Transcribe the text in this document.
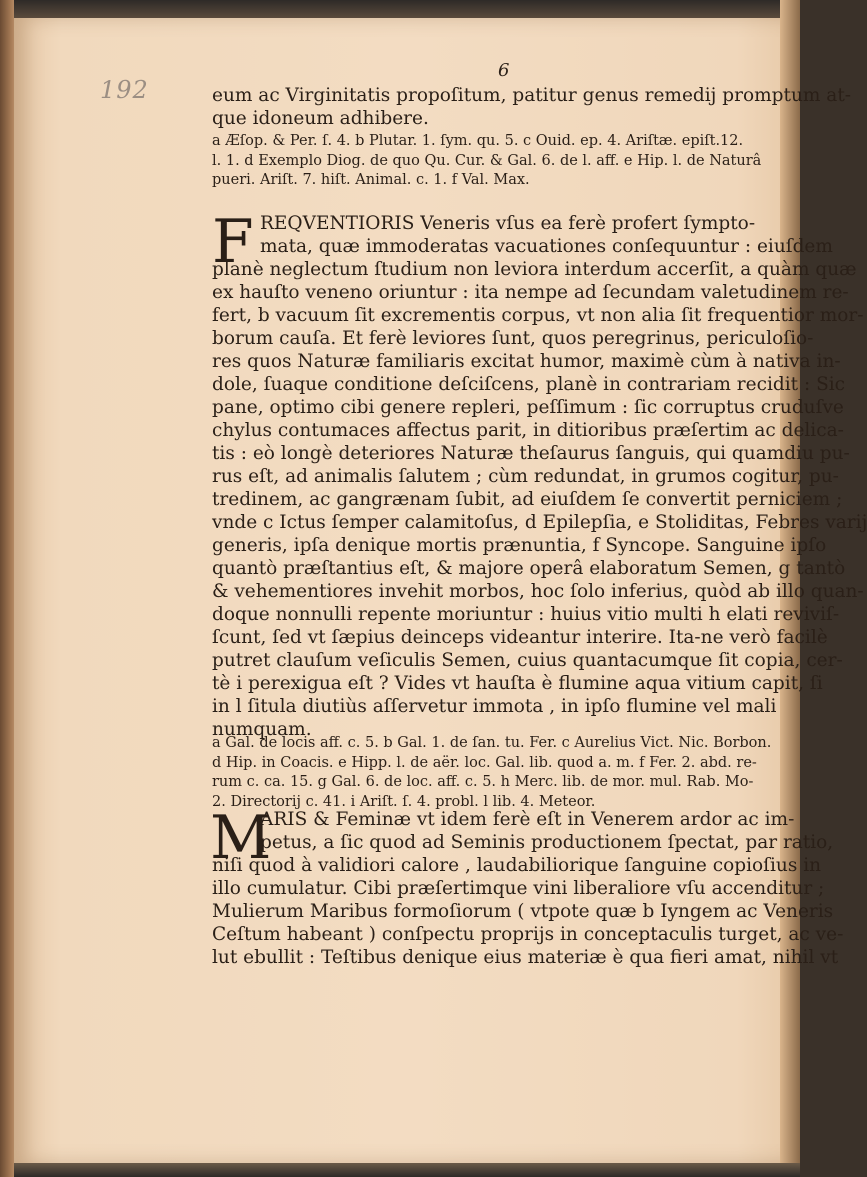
192
6
eum ac Virginitatis propoſitum, patitur genus remedij promptum at-
que idoneum adhibere.
a Æſop. & Per. ſ. 4. b Plutar. 1. ſym. qu. 5. c Ouid. ep. 4. Ariſtæ. epiſt.12.
l. 1. d Exemplo Diog. de quo Qu. Cur. & Gal. 6. de l. aff. e Hip. l. de Naturâ
pueri. Ariſt. 7. hiſt. Animal. c. 1. f Val. Max.
F REQVENTIORIS Veneris vſus ea ferè profert ſympto-
mata, quæ immoderatas vacuationes conſequuntur : eiuſdem
planè neglectum ſtudium non leviora interdum accerſit, a quàm quæ
ex hauſto veneno oriuntur : ita nempe ad ſecundam valetudinem re-
fert, b vacuum ſit excrementis corpus, vt non alia ſit frequentior mor-
borum cauſa. Et ferè leviores ſunt, quos peregrinus, periculoſio-
res quos Naturæ familiaris excitat humor, maximè cùm à nativa in-
dole, ſuaque conditione deſciſcens, planè in contrariam recidit : Sic
pane, optimo cibi genere repleri, peſſimum : ſic corruptus cruduſve
chylus contumaces affectus parit, in ditioribus præſertim ac delica-
tis : eò longè deteriores Naturæ theſaurus ſanguis, qui quamdiu pu-
rus eſt, ad animalis ſalutem ; cùm redundat, in grumos cogitur, pu-
tredinem, ac gangrænam ſubit, ad eiuſdem ſe convertit perniciem ;
vnde c Ictus ſemper calamitoſus, d Epilepſia, e Stoliditas, Febres varij
generis, ipſa denique mortis prænuntia, f Syncope. Sanguine ipſo
quantò præſtantius eſt, & majore operâ elaboratum Semen, g tantò
& vehementiores invehit morbos, hoc ſolo inferius, quòd ab illo quan-
doque nonnulli repente moriuntur : huius vitio multi h elati reviviſ-
ſcunt, ſed vt ſæpius deinceps videantur interire. Ita-ne verò facilè
putret clauſum veſiculis Semen, cuius quantacumque ſit copia, cer-
tè i perexigua eſt ? Vides vt hauſta è flumine aqua vitium capit, ſi
in l ſitula diutiùs aſſervetur immota , in ipſo flumine vel mali
numquam.
a Gal. de locis aff. c. 5. b Gal. 1. de ſan. tu. Fer. c Aurelius Vict. Nic. Borbon.
d Hip. in Coacis. e Hipp. l. de aër. loc. Gal. lib. quod a. m. f Fer. 2. abd. re-
rum c. ca. 15. g Gal. 6. de loc. aff. c. 5. h Merc. lib. de mor. mul. Rab. Mo-
2. Directorij c. 41. i Ariſt. ſ. 4. probl. l lib. 4. Meteor.
M
ARIS & Feminæ vt idem ferè eſt in Venerem ardor ac im-
petus, a ſic quod ad Seminis productionem ſpectat, par ratio,
niſi quod à validiori calore , laudabiliorique ſanguine copioſius in
illo cumulatur. Cibi præſertimque vini liberaliore vſu accenditur ;
Mulierum Maribus formoſiorum ( vtpote quæ b Iyngem ac Veneris
Ceſtum habeant ) conſpectu proprijs in conceptaculis turget, ac ve-
lut ebullit : Teſtibus denique eius materiæ è qua fieri amat, nihil vt
